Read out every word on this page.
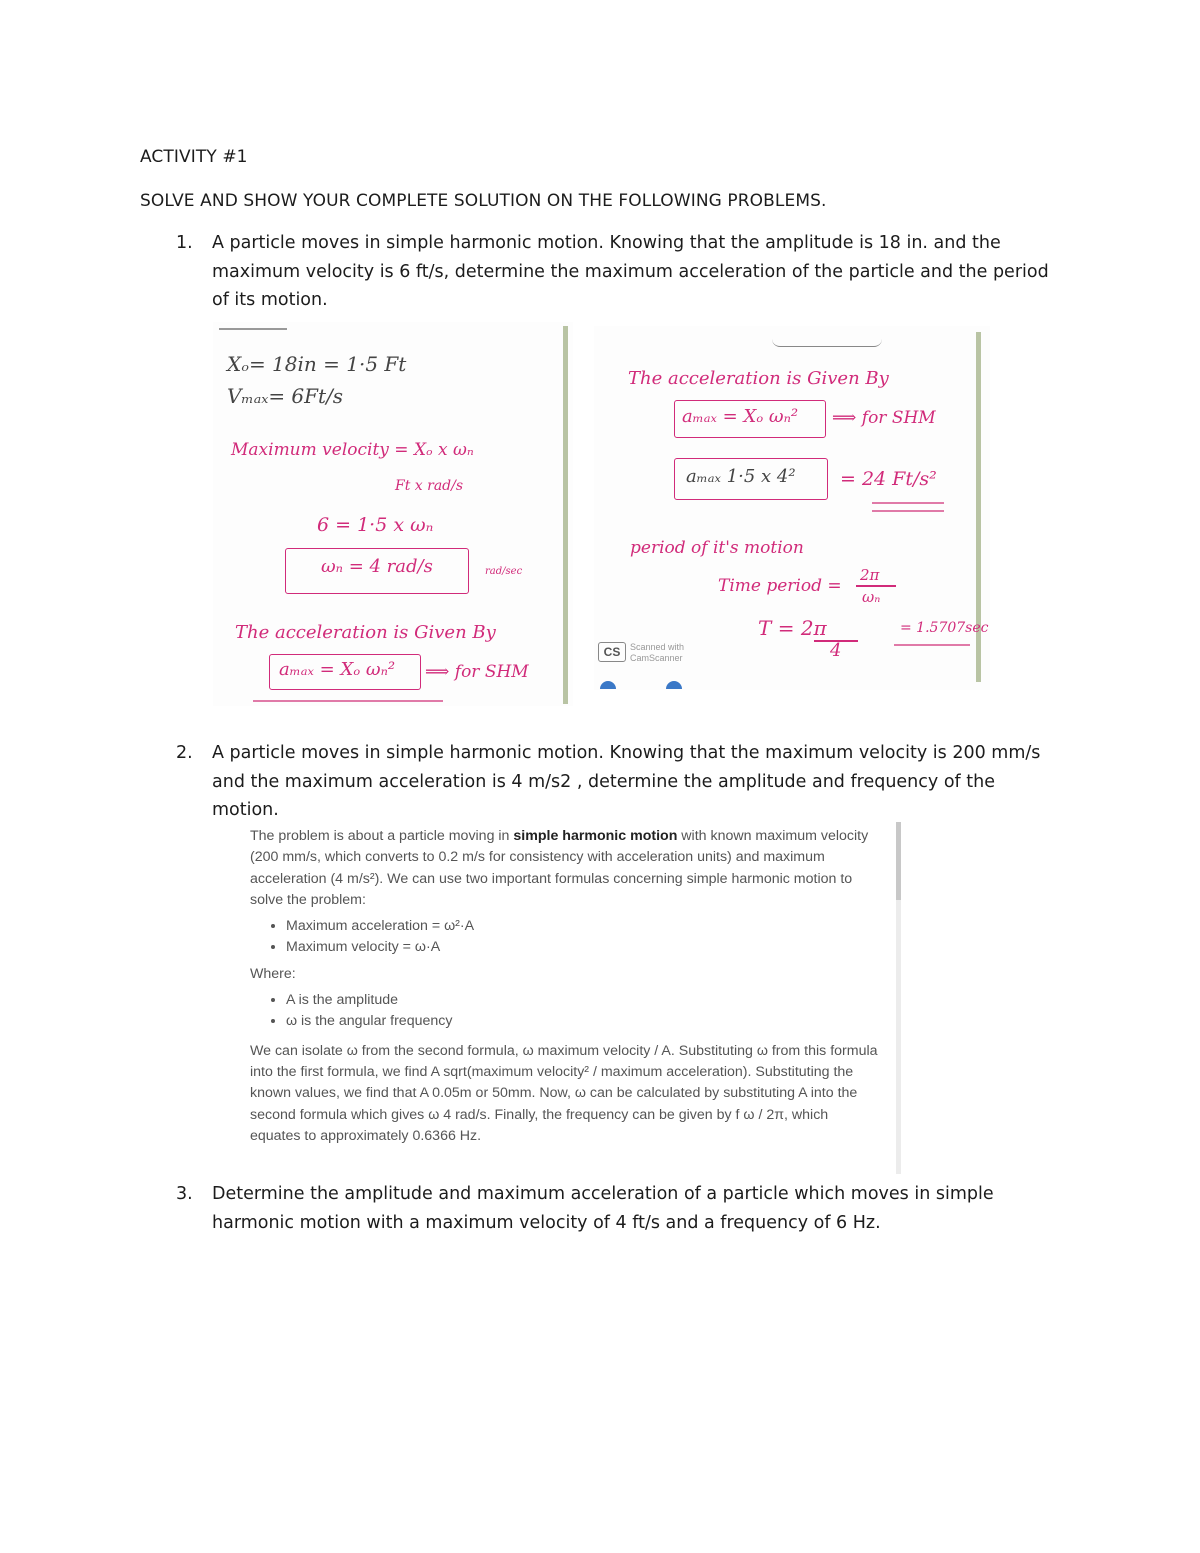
ACTIVITY #1
SOLVE AND SHOW YOUR COMPLETE SOLUTION ON THE FOLLOWING PROBLEMS.
1. A particle moves in simple harmonic motion. Knowing that the amplitude is 18 in. and the
maximum velocity is 6 ft/s, determine the maximum acceleration of the particle and the period
of its motion.
Xₒ= 18in = 1·5 Ft
Vₘₐₓ= 6Ft/s
Maximum velocity = Xₒ x ωₙ
Ft x rad/s
6 = 1·5 x ωₙ
ωₙ = 4 rad/s	rad/sec
The acceleration is Given By
aₘₐₓ = Xₒ ωₙ² ⟹ for SHM
The acceleration is Given By
aₘₐₓ = Xₒ ωₙ² ⟹ for SHM
aₘₐₓ 1·5 x 4² = 24 Ft/s²
period of it's motion
Time period =
2π
ωₙ
T = 2π
4
= 1.5707sec
CS	Scanned with
CamScanner
2. A particle moves in simple harmonic motion. Knowing that the maximum velocity is 200 mm/s
and the maximum acceleration is 4 m/s2 , determine the amplitude and frequency of the
motion.
The problem is about a particle moving in simple harmonic motion with known maximum velocity (200 mm/s, which converts to 0.2 m/s for consistency with acceleration units) and maximum acceleration (4 m/s²). We can use two important formulas concerning simple harmonic motion to solve the problem:
• Maximum acceleration = ω²·A
• Maximum velocity = ω·A
Where:
• A is the amplitude
• ω is the angular frequency
We can isolate ω from the second formula, ω maximum velocity / A. Substituting ω from this formula into the first formula, we find A sqrt(maximum velocity² / maximum acceleration). Substituting the known values, we find that A 0.05m or 50mm. Now, ω can be calculated by substituting A into the second formula which gives ω 4 rad/s. Finally, the frequency can be given by f ω / 2π, which equates to approximately 0.6366 Hz.
3. Determine the amplitude and maximum acceleration of a particle which moves in simple
harmonic motion with a maximum velocity of 4 ft/s and a frequency of 6 Hz.
